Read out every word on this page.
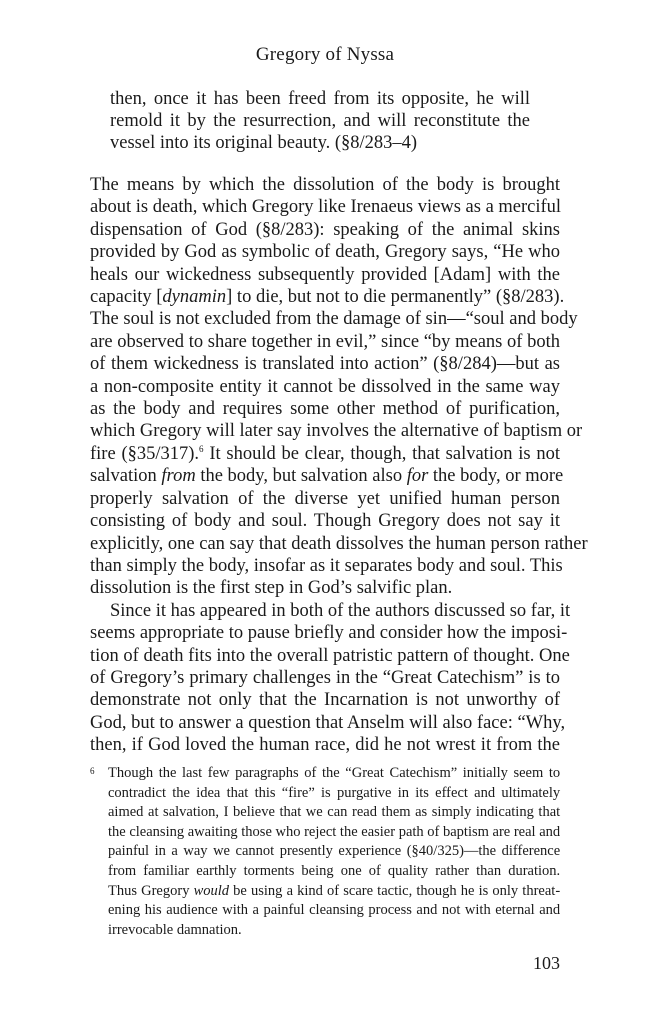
Gregory of Nyssa
then, once it has been freed from its opposite, he will
remold it by the resurrection, and will reconstitute the
vessel into its original beauty. (§8/283–4)

The means by which the dissolution of the body is brought
about is death, which Gregory like Irenaeus views as a merciful
dispensation of God (§8/283): speaking of the animal skins
provided by God as symbolic of death, Gregory says, “He who
heals our wickedness subsequently provided [Adam] with the
capacity [dynamin] to die, but not to die permanently” (§8/283).
The soul is not excluded from the damage of sin—“soul and body
are observed to share together in evil,” since “by means of both
of them wickedness is translated into action” (§8/284)—but as
a non-composite entity it cannot be dissolved in the same way
as the body and requires some other method of purification,
which Gregory will later say involves the alternative of baptism or
fire (§35/317).$^6$ It should be clear, though, that salvation is not
salvation from the body, but salvation also for the body, or more
properly salvation of the diverse yet unified human person
consisting of body and soul. Though Gregory does not say it
explicitly, one can say that death dissolves the human person rather
than simply the body, insofar as it separates body and soul. This
dissolution is the first step in God’s salvific plan.

Since it has appeared in both of the authors discussed so far, it
seems appropriate to pause briefly and consider how the imposi-
tion of death fits into the overall patristic pattern of thought. One
of Gregory’s primary challenges in the “Great Catechism” is to
demonstrate not only that the Incarnation is not unworthy of
God, but to answer a question that Anselm will also face: “Why,
then, if God loved the human race, did he not wrest it from the

6 Though the last few paragraphs of the “Great Catechism” initially seem to
contradict the idea that this “fire” is purgative in its effect and ultimately
aimed at salvation, I believe that we can read them as simply indicating that
the cleansing awaiting those who reject the easier path of baptism are real and
painful in a way we cannot presently experience (§40/325)—the difference
from familiar earthly torments being one of quality rather than duration.
Thus Gregory would be using a kind of scare tactic, though he is only threat-
ening his audience with a painful cleansing process and not with eternal and
irrevocable damnation.
103
